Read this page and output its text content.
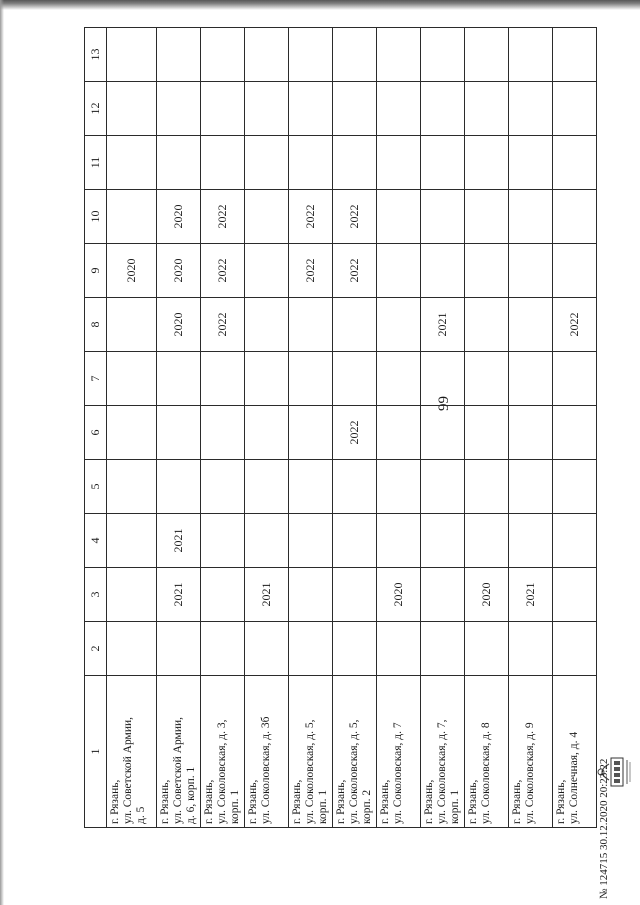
99
1	2	3	4	5	6	7	8	9	10	11	12	13

г. Рязань, ул. Советской Армии, д. 5								2020				

г. Рязань, ул. Советской Армии, д. 6, корп. 1		2021	2021				2020	2020	2020			

г. Рязань, ул. Соколовская, д. 3, корп. 1							2022	2022	2022			

г. Рязань, ул. Соколовская, д. 3б		2021										

г. Рязань, ул. Соколовская, д. 5, корп. 1								2022	2022			

г. Рязань, ул. Соколовская, д. 5, корп. 2					2022			2022	2022			

г. Рязань, ул. Соколовская, д. 7		2020										

г. Рязань, ул. Соколовская, д. 7, корп. 1							2021					

г. Рязань, ул. Соколовская, д. 8		2020										

г. Рязань, ул. Соколовская, д. 9		2021										

г. Рязань, ул. Солнечная, д. 4							2022					
№ 124715 30.12.2020 20:23:22
